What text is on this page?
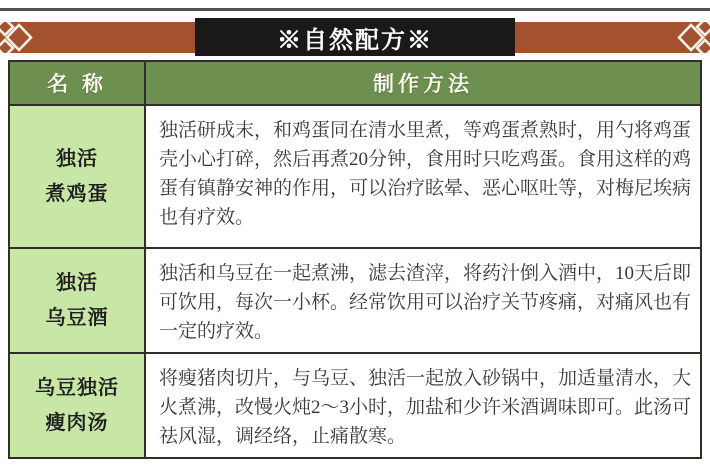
※自然配方※
名 称	制作方法

独活
煮鸡蛋	独活研成末，和鸡蛋同在清水里煮，等鸡蛋煮熟时，用勺将鸡蛋壳小心打碎，然后再煮20分钟，食用时只吃鸡蛋。食用这样的鸡蛋有镇静安神的作用，可以治疗眩晕、恶心呕吐等，对梅尼埃病也有疗效。

独活
乌豆酒	独活和乌豆在一起煮沸，滤去渣滓，将药汁倒入酒中，10天后即可饮用，每次一小杯。经常饮用可以治疗关节疼痛，对痛风也有一定的疗效。

乌豆独活
瘦肉汤	将瘦猪肉切片，与乌豆、独活一起放入砂锅中，加适量清水，大火煮沸，改慢火炖2～3小时，加盐和少许米酒调味即可。此汤可祛风湿，调经络，止痛散寒。
